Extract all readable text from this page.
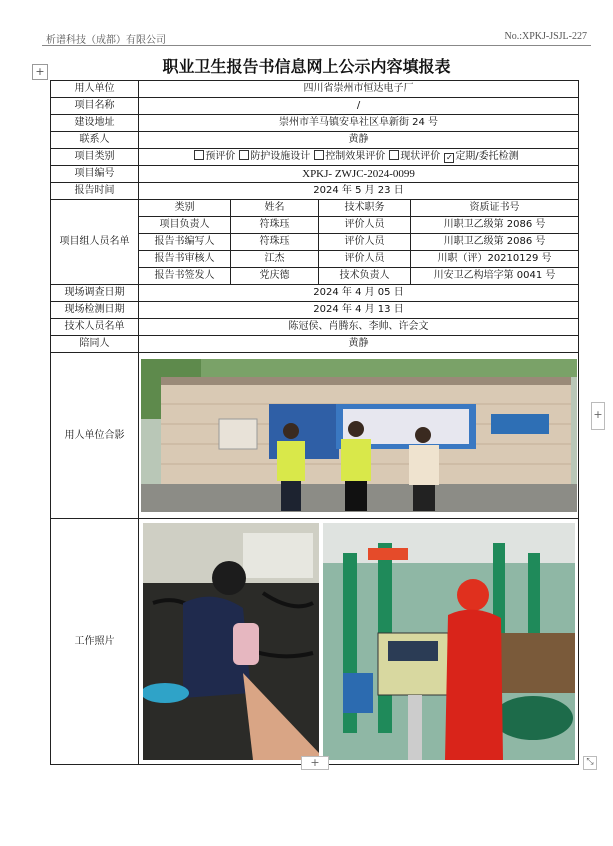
析谱科技（成都）有限公司	No.:XPKJ-JSJL-227
+	职业卫生报告书信息网上公示内容填报表
用人单位	四川省崇州市恒达电子厂			
项目名称	/			
建设地址	崇州市羊马镇安阜社区阜新街 24 号			
联系人	黄静			
项目类别	预评价 防护设施设计 控制效果评价 现状评价 ✓ 定期/委托检测			
项目编号	XPKJ- ZWJC-2024-0099			
报告时间	2024 年 5 月 23 日			
项目组人员名单	类别	姓名	技术职务	资质证书号
	项目负责人	符珠珏	评价人员	川职卫乙级第 2086 号
	报告书编写人	符珠珏	评价人员	川职卫乙级第 2086 号
	报告书审核人	江杰	评价人员	川职（评）20210129 号
	报告书签发人	党庆德	技术负责人	川安卫乙构培字第 0041 号
现场调查日期	2024 年 4 月 05 日			
现场检测日期	2024 年 4 月 13 日			
技术人员名单	陈冠侯、肖腾东、李帅、许会文			
陪同人	黄静			
用人单位合影	

工作照片	
+
+	⤡
